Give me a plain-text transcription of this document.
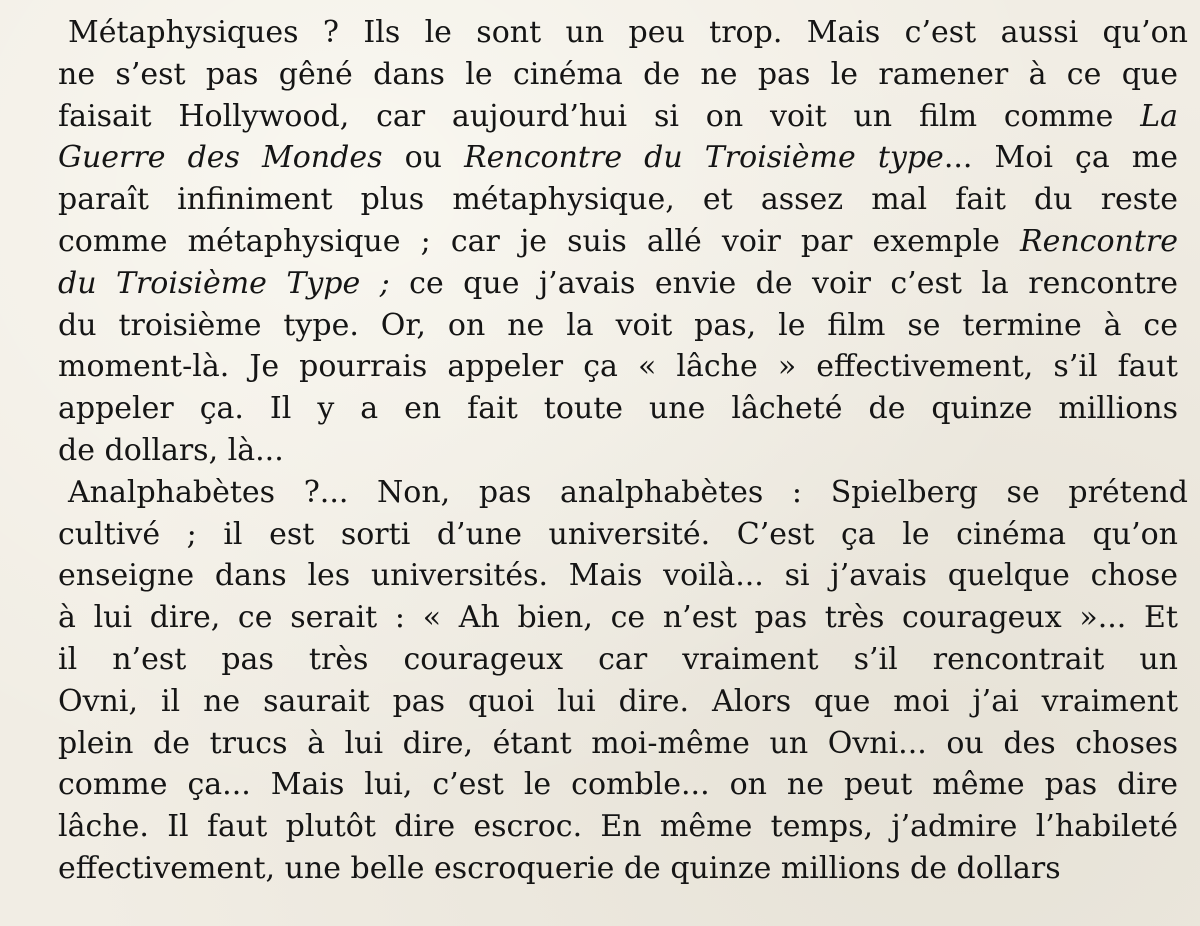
Métaphysiques ? Ils le sont un peu trop. Mais c’est aussi qu’on
ne s’est pas gêné dans le cinéma de ne pas le ramener à ce que
faisait Hollywood, car aujourd’hui si on voit un film comme La
Guerre des Mondes ou Rencontre du Troisième type... Moi ça me
paraît infiniment plus métaphysique, et assez mal fait du reste
comme métaphysique ; car je suis allé voir par exemple Rencontre
du Troisième Type ; ce que j’avais envie de voir c’est la rencontre
du troisième type. Or, on ne la voit pas, le film se termine à ce
moment-là. Je pourrais appeler ça « lâche » effectivement, s’il faut
appeler ça. Il y a en fait toute une lâcheté de quinze millions
de dollars, là...
Analphabètes ?... Non, pas analphabètes : Spielberg se prétend
cultivé ; il est sorti d’une université. C’est ça le cinéma qu’on
enseigne dans les universités. Mais voilà... si j’avais quelque chose
à lui dire, ce serait : « Ah bien, ce n’est pas très courageux »... Et
il n’est pas très courageux car vraiment s’il rencontrait un
Ovni, il ne saurait pas quoi lui dire. Alors que moi j’ai vraiment
plein de trucs à lui dire, étant moi-même un Ovni... ou des choses
comme ça... Mais lui, c’est le comble... on ne peut même pas dire
lâche. Il faut plutôt dire escroc. En même temps, j’admire l’habileté
effectivement, une belle escroquerie de quinze millions de dollars
